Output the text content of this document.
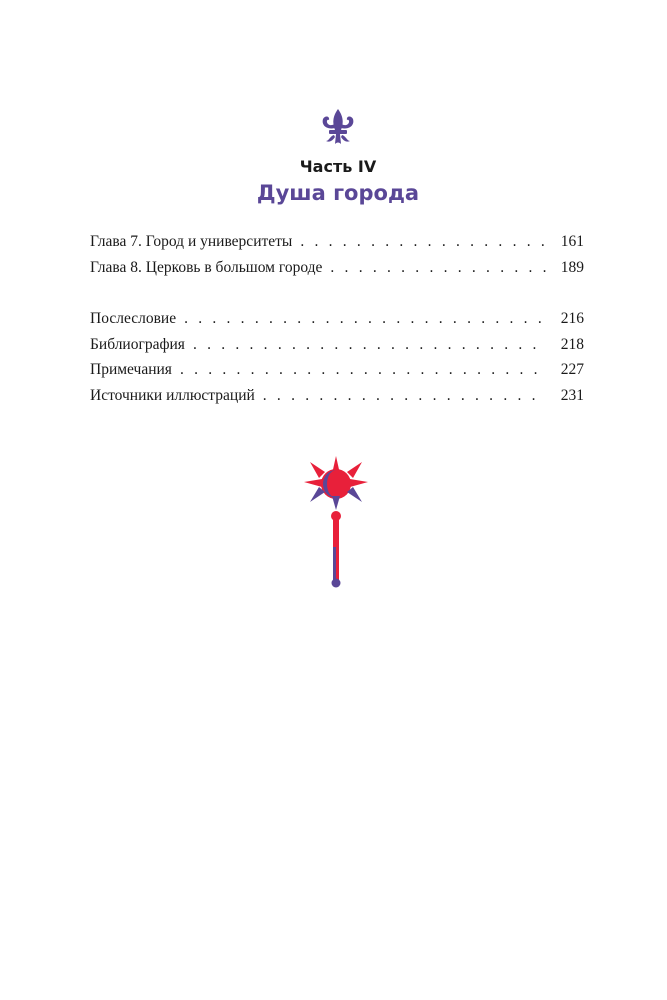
Часть IV
Душа города
Глава 7. Город и университеты . . .	161
Глава 8. Церковь в большом городе . . .	189
Послесловие . . .	216
Библиография . . .	218
Примечания . . .	227
Источники иллюстраций . . .	231
